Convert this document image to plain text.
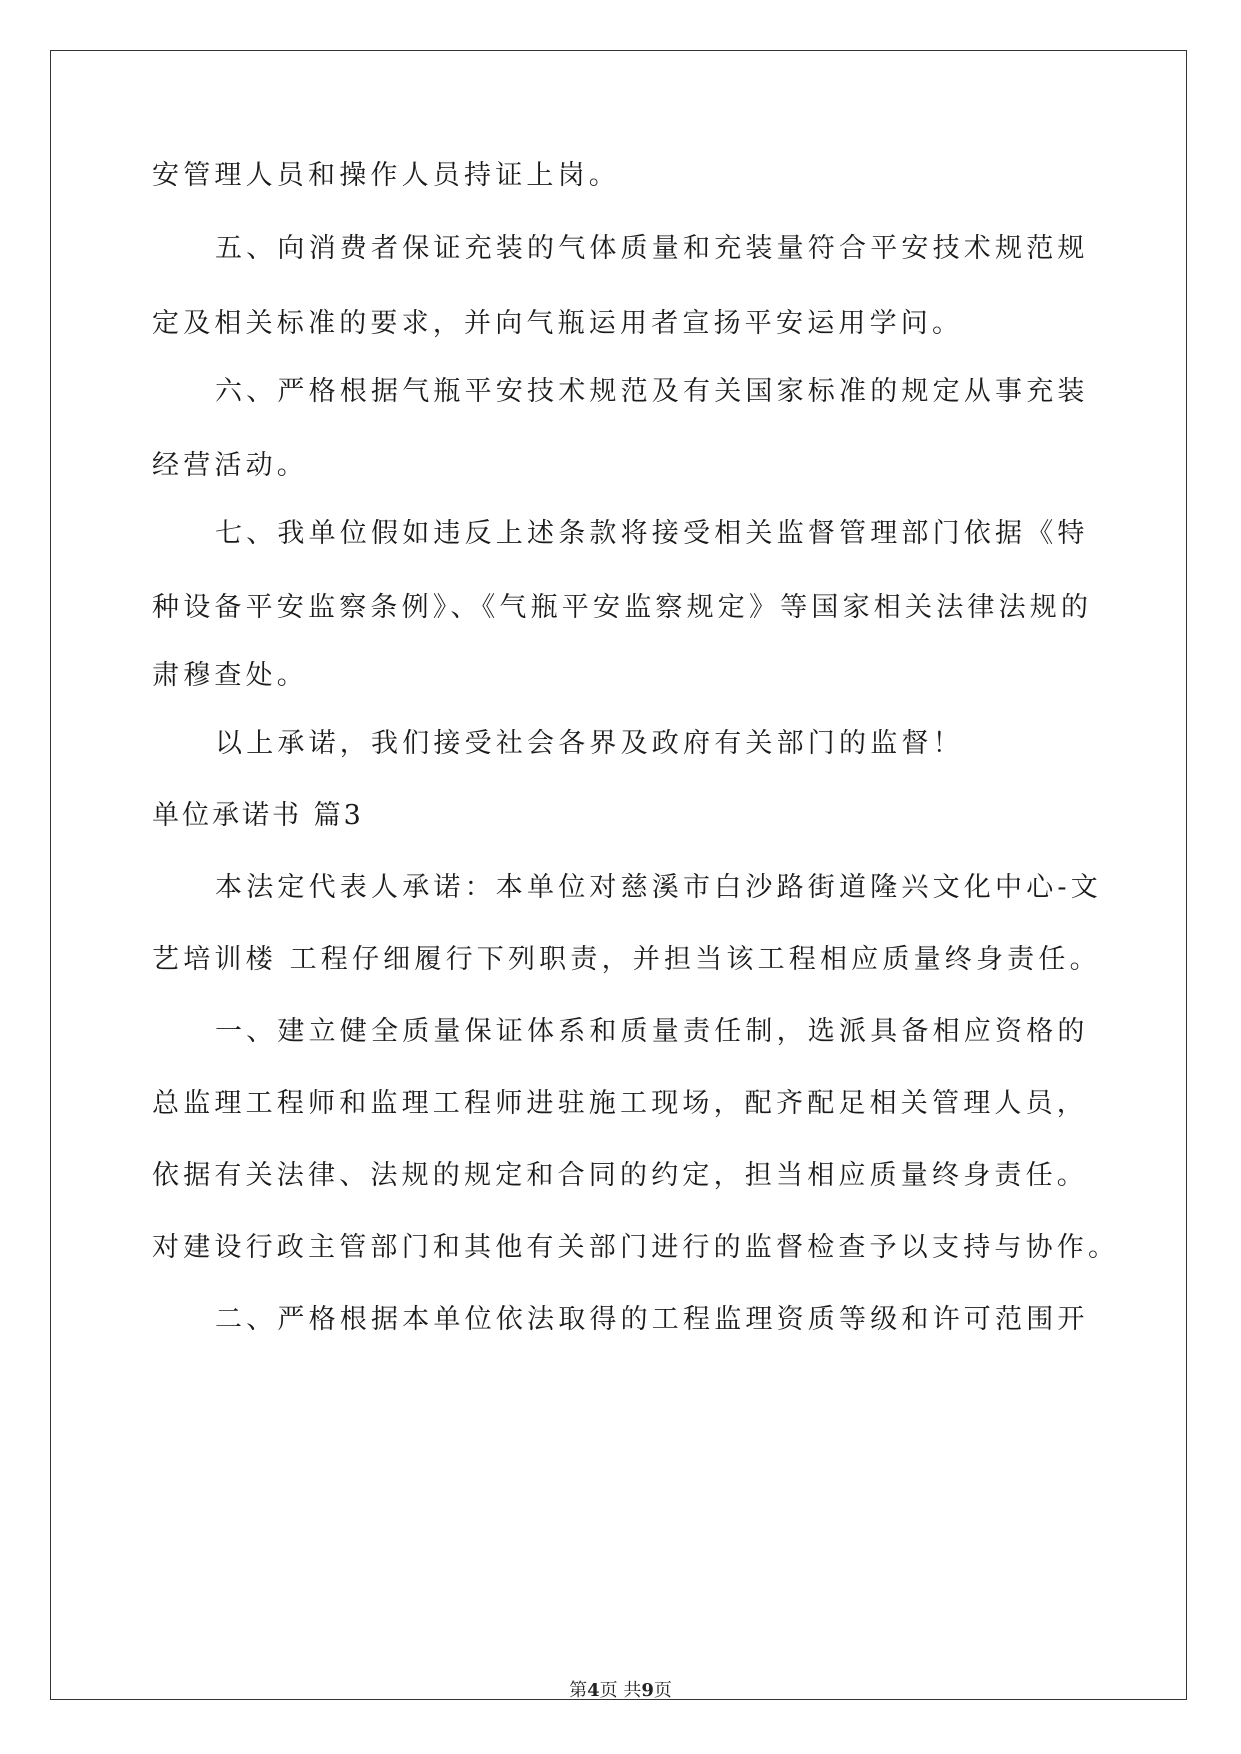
安管理人员和操作人员持证上岗。
五、向消费者保证充装的气体质量和充装量符合平安技术规范规
定及相关标准的要求，并向气瓶运用者宣扬平安运用学问。
六、严格根据气瓶平安技术规范及有关国家标准的规定从事充装
经营活动。
七、我单位假如违反上述条款将接受相关监督管理部门依据《特
种设备平安监察条例》、《气瓶平安监察规定》等国家相关法律法规的
肃穆查处。
以上承诺，我们接受社会各界及政府有关部门的监督！
单位承诺书 篇3
本法定代表人承诺：本单位对慈溪市白沙路街道隆兴文化中心-文
艺培训楼 工程仔细履行下列职责，并担当该工程相应质量终身责任。
一、建立健全质量保证体系和质量责任制，选派具备相应资格的
总监理工程师和监理工程师进驻施工现场，配齐配足相关管理人员，
依据有关法律、法规的规定和合同的约定，担当相应质量终身责任。
对建设行政主管部门和其他有关部门进行的监督检查予以支持与协作。
二、严格根据本单位依法取得的工程监理资质等级和许可范围开
第4页 共9页
